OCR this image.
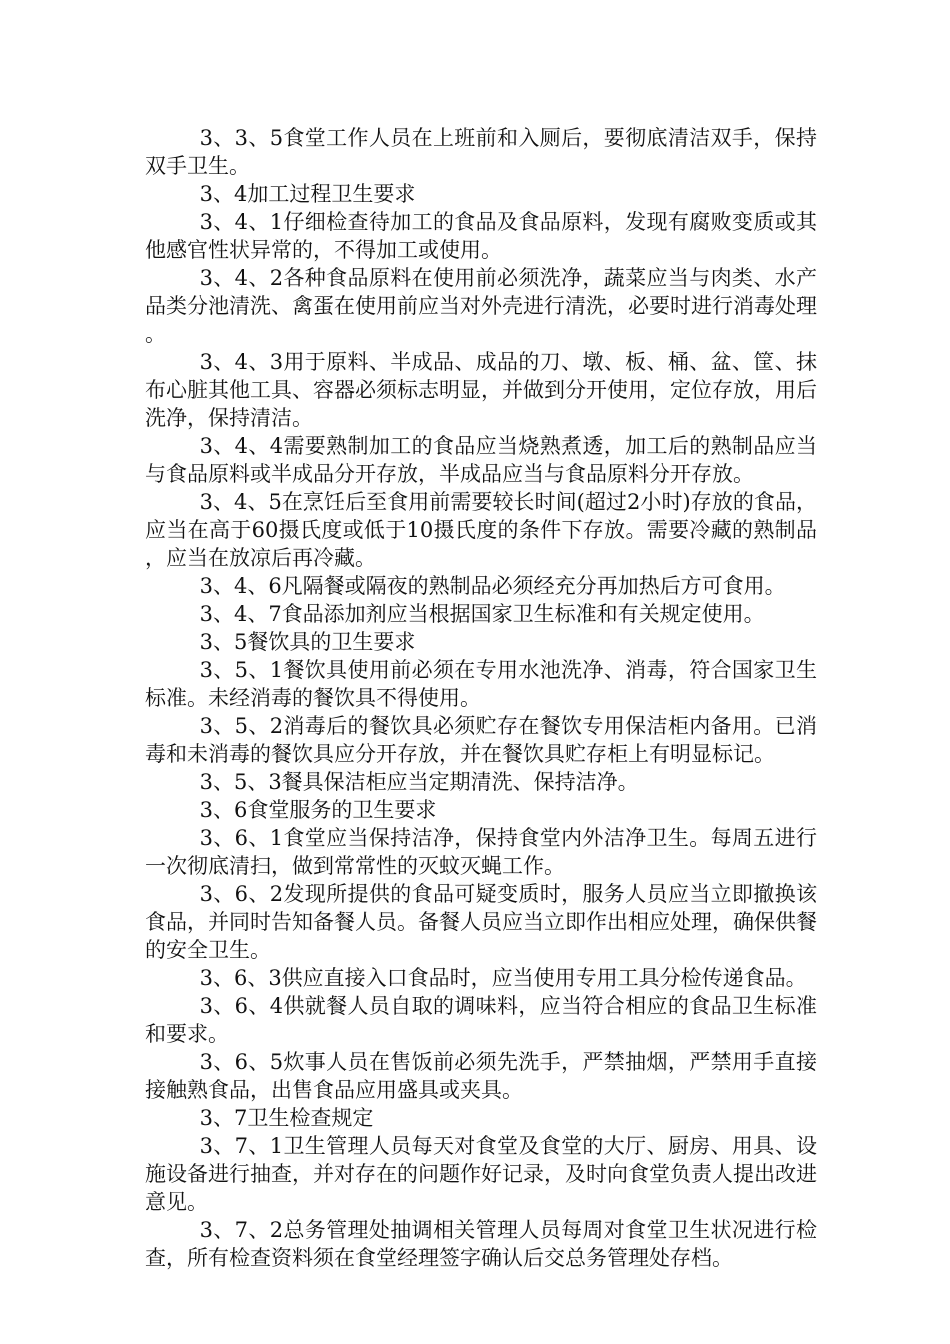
3、3、5食堂工作人员在上班前和入厕后，要彻底清洁双手，保持双手卫生。

3、4加工过程卫生要求

3、4、1仔细检查待加工的食品及食品原料，发现有腐败变质或其他感官性状异常的，不得加工或使用。

3、4、2各种食品原料在使用前必须洗净，蔬菜应当与肉类、水产品类分池清洗、禽蛋在使用前应当对外壳进行清洗，必要时进行消毒处理。

3、4、3用于原料、半成品、成品的刀、墩、板、桶、盆、筐、抹布心脏其他工具、容器必须标志明显，并做到分开使用，定位存放，用后洗净，保持清洁。

3、4、4需要熟制加工的食品应当烧熟煮透，加工后的熟制品应当与食品原料或半成品分开存放，半成品应当与食品原料分开存放。

3、4、5在烹饪后至食用前需要较长时间(超过2小时)存放的食品，应当在高于60摄氏度或低于10摄氏度的条件下存放。需要冷藏的熟制品，应当在放凉后再冷藏。

3、4、6凡隔餐或隔夜的熟制品必须经充分再加热后方可食用。

3、4、7食品添加剂应当根据国家卫生标准和有关规定使用。

3、5餐饮具的卫生要求

3、5、1餐饮具使用前必须在专用水池洗净、消毒，符合国家卫生标准。未经消毒的餐饮具不得使用。

3、5、2消毒后的餐饮具必须贮存在餐饮专用保洁柜内备用。已消毒和未消毒的餐饮具应分开存放，并在餐饮具贮存柜上有明显标记。

3、5、3餐具保洁柜应当定期清洗、保持洁净。

3、6食堂服务的卫生要求

3、6、1食堂应当保持洁净，保持食堂内外洁净卫生。每周五进行一次彻底清扫，做到常常性的灭蚊灭蝇工作。

3、6、2发现所提供的食品可疑变质时，服务人员应当立即撤换该食品，并同时告知备餐人员。备餐人员应当立即作出相应处理，确保供餐的安全卫生。

3、6、3供应直接入口食品时，应当使用专用工具分检传递食品。

3、6、4供就餐人员自取的调味料，应当符合相应的食品卫生标准和要求。

3、6、5炊事人员在售饭前必须先洗手，严禁抽烟，严禁用手直接接触熟食品，出售食品应用盛具或夹具。

3、7卫生检查规定

3、7、1卫生管理人员每天对食堂及食堂的大厅、厨房、用具、设施设备进行抽查，并对存在的问题作好记录，及时向食堂负责人提出改进意见。

3、7、2总务管理处抽调相关管理人员每周对食堂卫生状况进行检查，所有检查资料须在食堂经理签字确认后交总务管理处存档。
